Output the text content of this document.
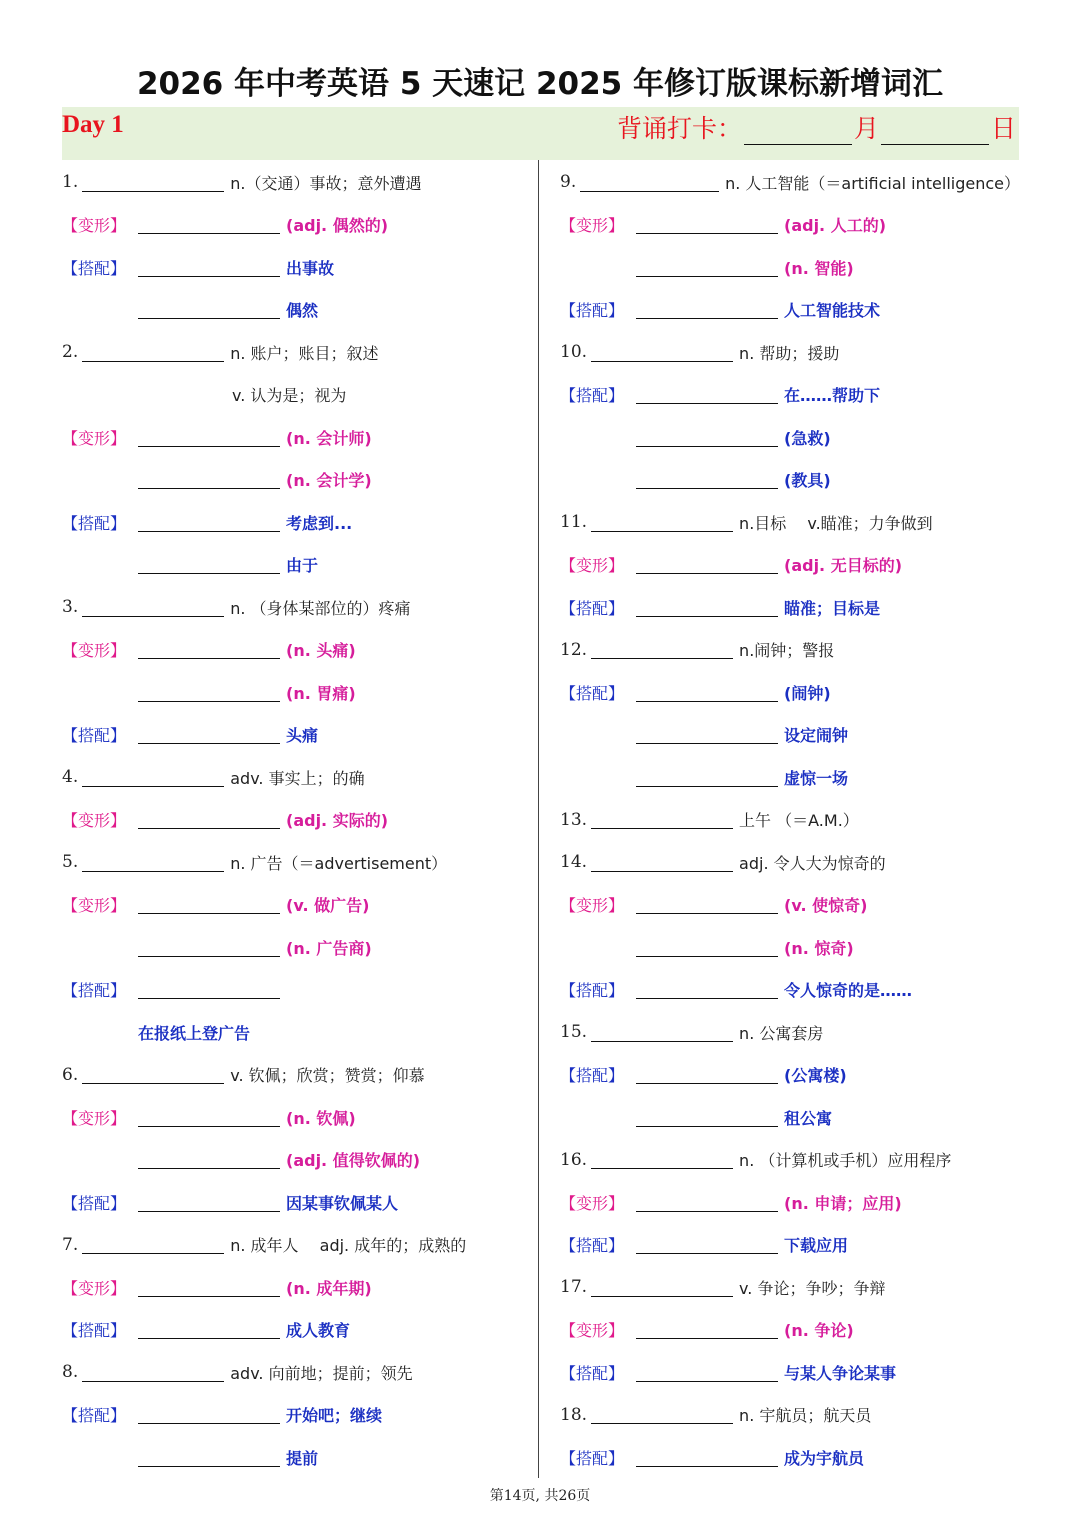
2026 年中考英语 5 天速记 2025 年修订版课标新增词汇
Day 1	背诵打卡：	月	日
1.	n.（交通）事故；意外遭遇
【变形】	(adj. 偶然的)
【搭配】	出事故
偶然
2.	n. 账户；账目；叙述
v. 认为是；视为
【变形】	(n. 会计师)
(n. 会计学)
【搭配】	考虑到...
由于
3.	n. （身体某部位的）疼痛
【变形】	(n. 头痛)
(n. 胃痛)
【搭配】	头痛
4.	adv. 事实上；的确
【变形】	(adj. 实际的)
5.	n. 广告（＝advertisement）
【变形】	(v. 做广告)
(n. 广告商)
【搭配】
在报纸上登广告
6.	v. 钦佩；欣赏；赞赏；仰慕
【变形】	(n. 钦佩)
(adj. 值得钦佩的)
【搭配】	因某事钦佩某人
7.	n. 成年人　 adj. 成年的；成熟的
【变形】	(n. 成年期)
【搭配】	成人教育
8.	adv. 向前地；提前；领先
【搭配】	开始吧；继续
提前
9.	n. 人工智能（＝artificial intelligence）
【变形】	(adj. 人工的)
(n. 智能)
【搭配】	人工智能技术
10.	n. 帮助；援助
【搭配】	在……帮助下
(急救)
(教具)
11.	n.目标　 v.瞄准；力争做到
【变形】	(adj. 无目标的)
【搭配】	瞄准；目标是
12.	n.闹钟；警报
【搭配】	(闹钟)
设定闹钟
虚惊一场
13.	上午 （＝A.M.）
14.	adj. 令人大为惊奇的
【变形】	(v. 使惊奇)
(n. 惊奇)
【搭配】	令人惊奇的是……
15.	n. 公寓套房
【搭配】	(公寓楼)
租公寓
16.	n. （计算机或手机）应用程序
【变形】	(n. 申请；应用)
【搭配】	下载应用
17.	v. 争论；争吵；争辩
【变形】	(n. 争论)
【搭配】	与某人争论某事
18.	n. 宇航员；航天员
【搭配】	成为宇航员
第14页, 共26页
